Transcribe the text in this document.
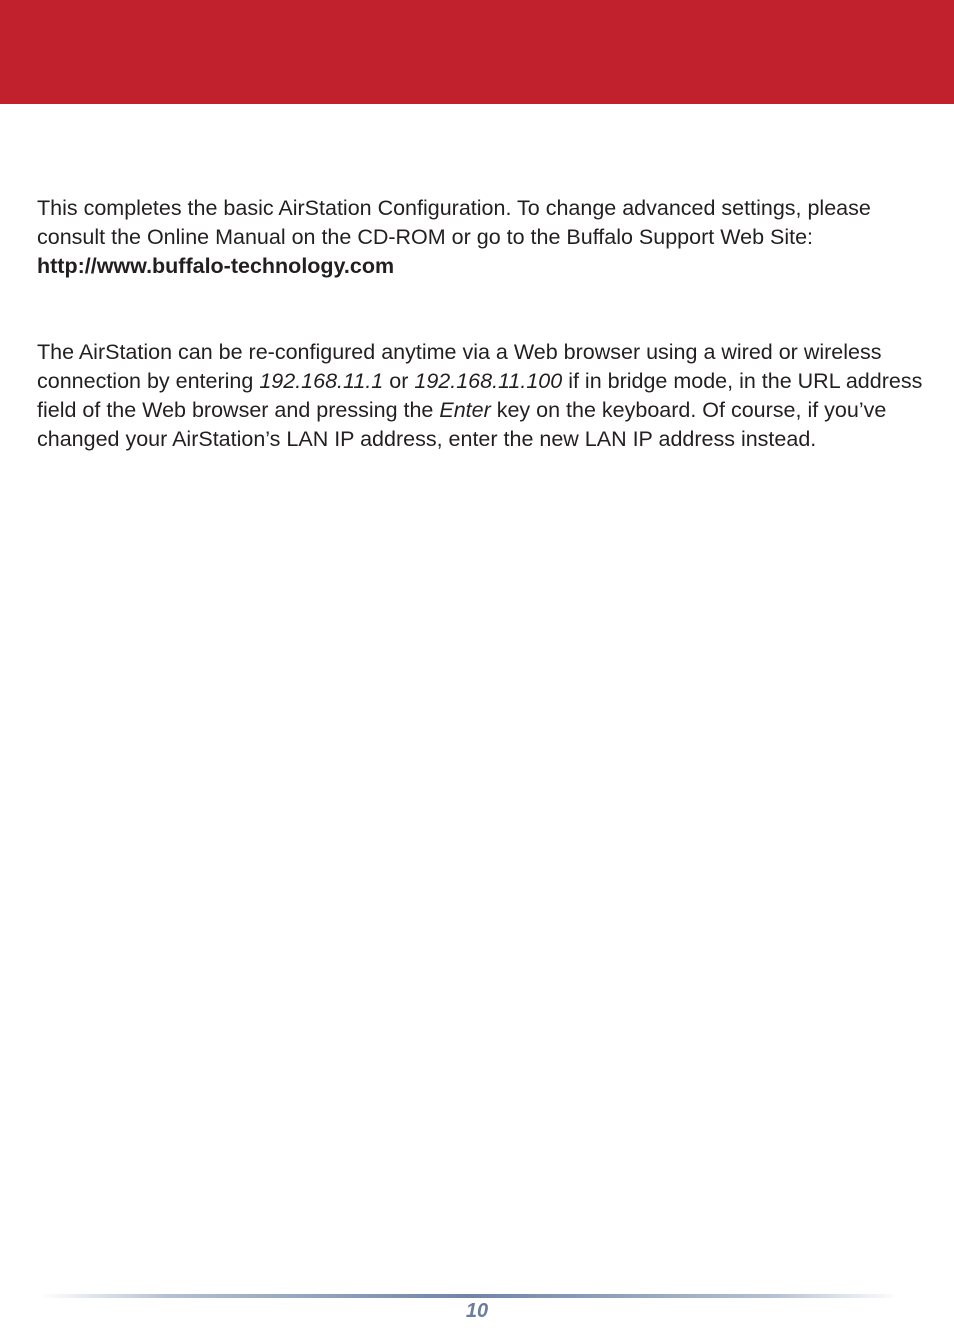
This completes the basic AirStation Configuration. To change advanced settings, please consult the Online Manual on the CD-ROM or go to the Buffalo Support Web Site: http://www.buffalo-technology.com

The AirStation can be re-configured anytime via a Web browser using a wired or wireless connection by entering 192.168.11.1 or 192.168.11.100 if in bridge mode, in the URL address field of the Web browser and pressing the Enter key on the keyboard. Of course, if you’ve changed your AirStation’s LAN IP address, enter the new LAN IP address instead.

10
